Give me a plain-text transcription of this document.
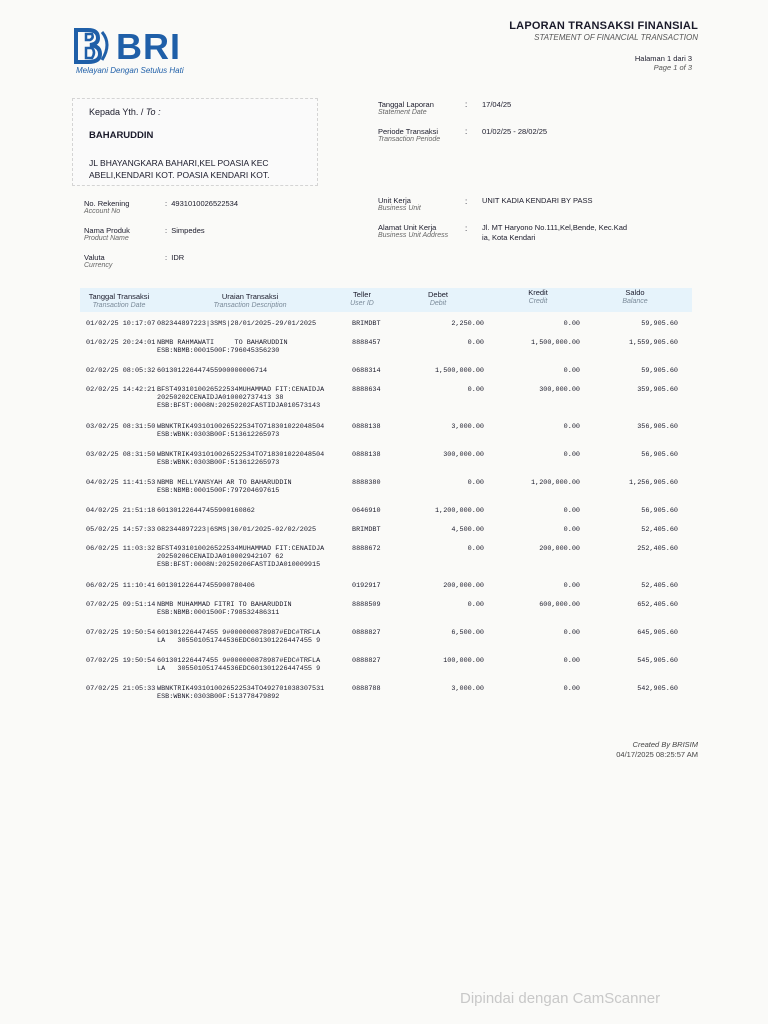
BRI
Melayani Dengan Setulus Hati
LAPORAN TRANSAKSI FINANSIAL
STATEMENT OF FINANCIAL TRANSACTION
Halaman 1 dari 3
Page 1 of 3
Kepada Yth. / To :
BAHARUDDIN
JL BHAYANGKARA BAHARI,KEL POASIA KEC
ABELI,KENDARI KOT. POASIA KENDARI KOT.
Tanggal Laporan
Statement Date
: 17/04/25
Periode Transaksi
Transaction Periode
: 01/02/25 - 28/02/25
Unit Kerja
Business Unit
: UNIT KADIA KENDARI BY PASS
Alamat Unit Kerja
Business Unit Address
: Jl. MT Haryono No.111,Kel,Bende, Kec.Kad
ia, Kota Kendari
No. Rekening
Account No
:  4931010026522534
Nama Produk
Product Name
:  Simpedes
Valuta
Currency
:  IDR
Tanggal Transaksi
Transaction Date
Uraian Transaksi
Transaction Description
Teller
User ID
Debet
Debit
Kredit
Credit
Saldo
Balance
01/02/25 10:17:07 082344897223|3SMS|28/01/2025-29/01/2025	BRIMDBT	2,250.00	0.00	59,905.60
01/02/25 20:24:01 NBMB RAHMAWATI     TO BAHARUDDIN
ESB:NBMB:0001500F:796045356230
8888457	0.00	1,500,000.00	1,559,905.60
02/02/25 08:05:32 601301226447455900000006714	0688314	1,500,000.00	0.00	59,905.60
02/02/25 14:42:21 BFST4931010026522534MUHAMMAD FIT:CENAIDJA
20250202CENAIDJA010002737413 38
ESB:BFST:0008N:20250202FASTIDJA010573143
8888634	0.00	300,000.00	359,905.60
03/02/25 08:31:50 WBNKTRIK4931010026522534TO718301022048504
ESB:WBNK:0303B00F:513612265973
0888138	3,000.00	0.00	356,905.60
03/02/25 08:31:50 WBNKTRIK4931010026522534TO718301022048504
ESB:WBNK:0303B00F:513612265973
0888138	300,000.00	0.00	56,905.60
04/02/25 11:41:53 NBMB MELLYANSYAH AR TO BAHARUDDIN
ESB:NBMB:0001500F:797204697615
8888380	0.00	1,200,000.00	1,256,905.60
04/02/25 21:51:18 601301226447455900160862	0646910	1,200,000.00	0.00	56,905.60
05/02/25 14:57:33 082344897223|6SMS|30/01/2025-02/02/2025	BRIMDBT	4,500.00	0.00	52,405.60
06/02/25 11:03:32 BFST4931010026522534MUHAMMAD FIT:CENAIDJA
20250206CENAIDJA010002942107 62
ESB:BFST:0008N:20250206FASTIDJA010009915
8888672	0.00	200,000.00	252,405.60
06/02/25 11:10:41 601301226447455900780406	0192917	200,000.00	0.00	52,405.60
07/02/25 09:51:14 NBMB MUHAMMAD FITRI TO BAHARUDDIN
ESB:NBMB:0001500F:798532486311
8888509	0.00	600,000.00	652,405.60
07/02/25 19:50:54 601301226447455 9#000000878987#EDC#TRFLA
LA   305501051744536EDC601301226447455 9
0888827	6,500.00	0.00	645,905.60
07/02/25 19:50:54 601301226447455 9#000000878987#EDC#TRFLA
LA   305501051744536EDC601301226447455 9
0888827	100,000.00	0.00	545,905.60
07/02/25 21:05:33 WBNKTRIK4931010026522534TO492701038307531
ESB:WBNK:0303B00F:513778479892
0888788	3,000.00	0.00	542,905.60
Created By BRISIM
04/17/2025 08:25:57 AM
Dipindai dengan CamScanner
